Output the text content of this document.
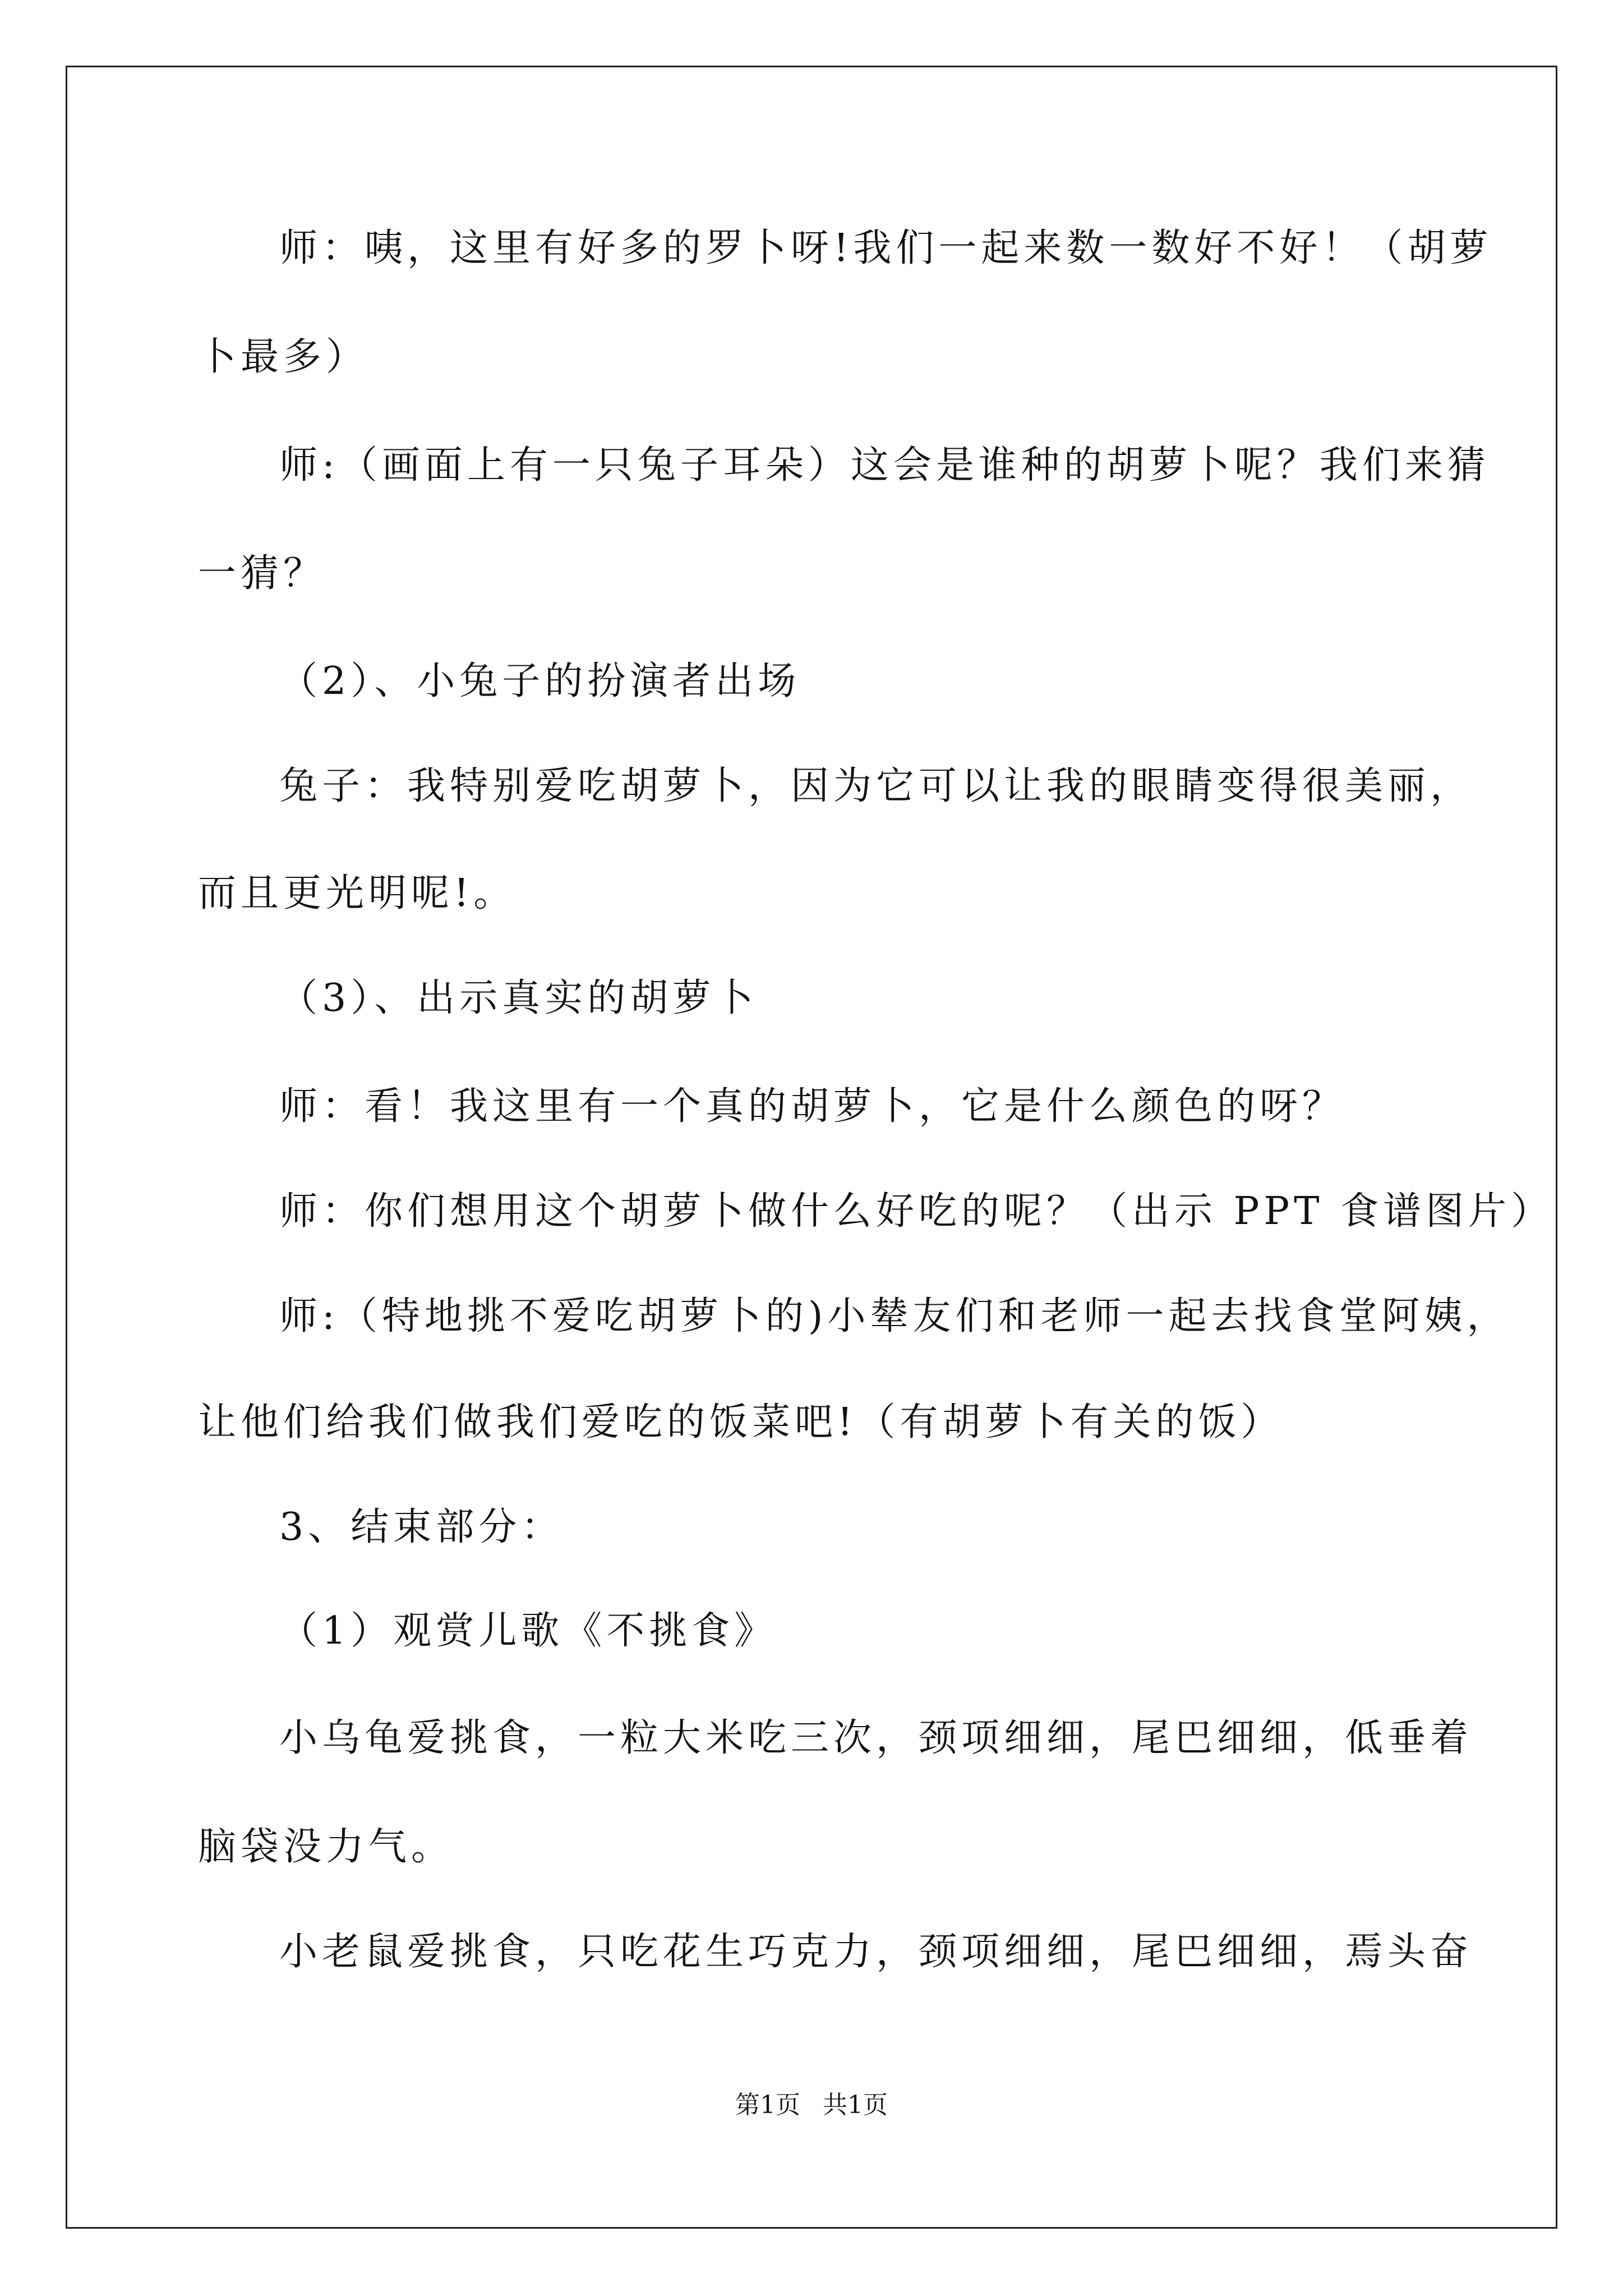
师：咦，这里有好多的罗卜呀!我们一起来数一数好不好！（胡萝
卜最多）
师:（画面上有一只兔子耳朵）这会是谁种的胡萝卜呢？我们来猜
一猜？
（2）、小兔子的扮演者出场
兔子：我特别爱吃胡萝卜，因为它可以让我的眼睛变得很美丽，
而且更光明呢!。
（3）、出示真实的胡萝卜
师：看！我这里有一个真的胡萝卜，它是什么颜色的呀？
师：你们想用这个胡萝卜做什么好吃的呢？（出示 PPT 食谱图片）
师:（特地挑不爱吃胡萝卜的)小辇友们和老师一起去找食堂阿姨，
让他们给我们做我们爱吃的饭菜吧!（有胡萝卜有关的饭）
3、结束部分：
（1）观赏儿歌《不挑食》
小乌龟爱挑食，一粒大米吃三次，颈项细细，尾巴细细，低垂着
脑袋没力气。
小老鼠爱挑食，只吃花生巧克力，颈项细细，尾巴细细，焉头奋
第1页 共1页
